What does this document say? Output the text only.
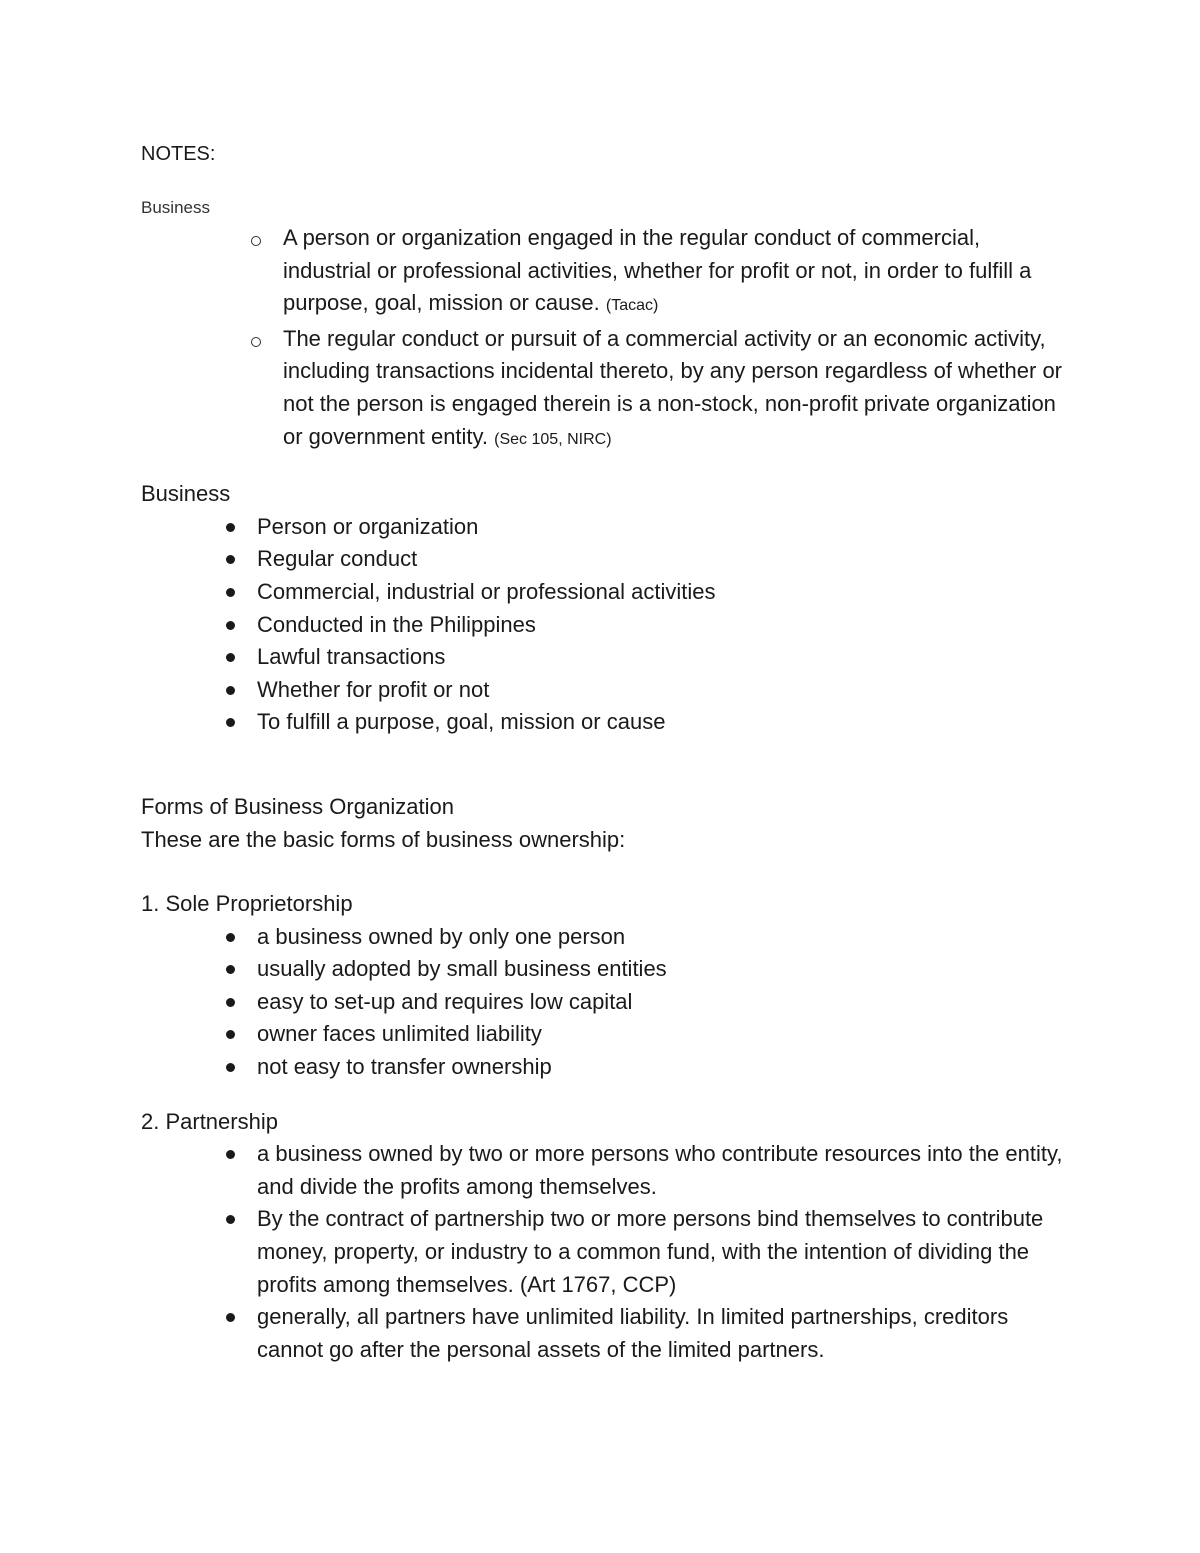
NOTES:

Business

A person or organization engaged in the regular conduct of commercial, industrial or professional activities, whether for profit or not, in order to fulfill a purpose, goal, mission or cause. (Tacac)
The regular conduct or pursuit of a commercial activity or an economic activity, including transactions incidental thereto, by any person regardless of whether or not the person is engaged therein is a non-stock, non-profit private organization or government entity. (Sec 105, NIRC)

Business

Person or organization
Regular conduct
Commercial, industrial or professional activities
Conducted in the Philippines
Lawful transactions
Whether for profit or not
To fulfill a purpose, goal, mission or cause

Forms of Business Organization

These are the basic forms of business ownership:

1. Sole Proprietorship

a business owned by only one person
usually adopted by small business entities
easy to set-up and requires low capital
owner faces unlimited liability
not easy to transfer ownership

2. Partnership

a business owned by two or more persons who contribute resources into the entity, and divide the profits among themselves.
By the contract of partnership two or more persons bind themselves to contribute money, property, or industry to a common fund, with the intention of dividing the profits among themselves. (Art 1767, CCP)
generally, all partners have unlimited liability. In limited partnerships, creditors cannot go after the personal assets of the limited partners.
